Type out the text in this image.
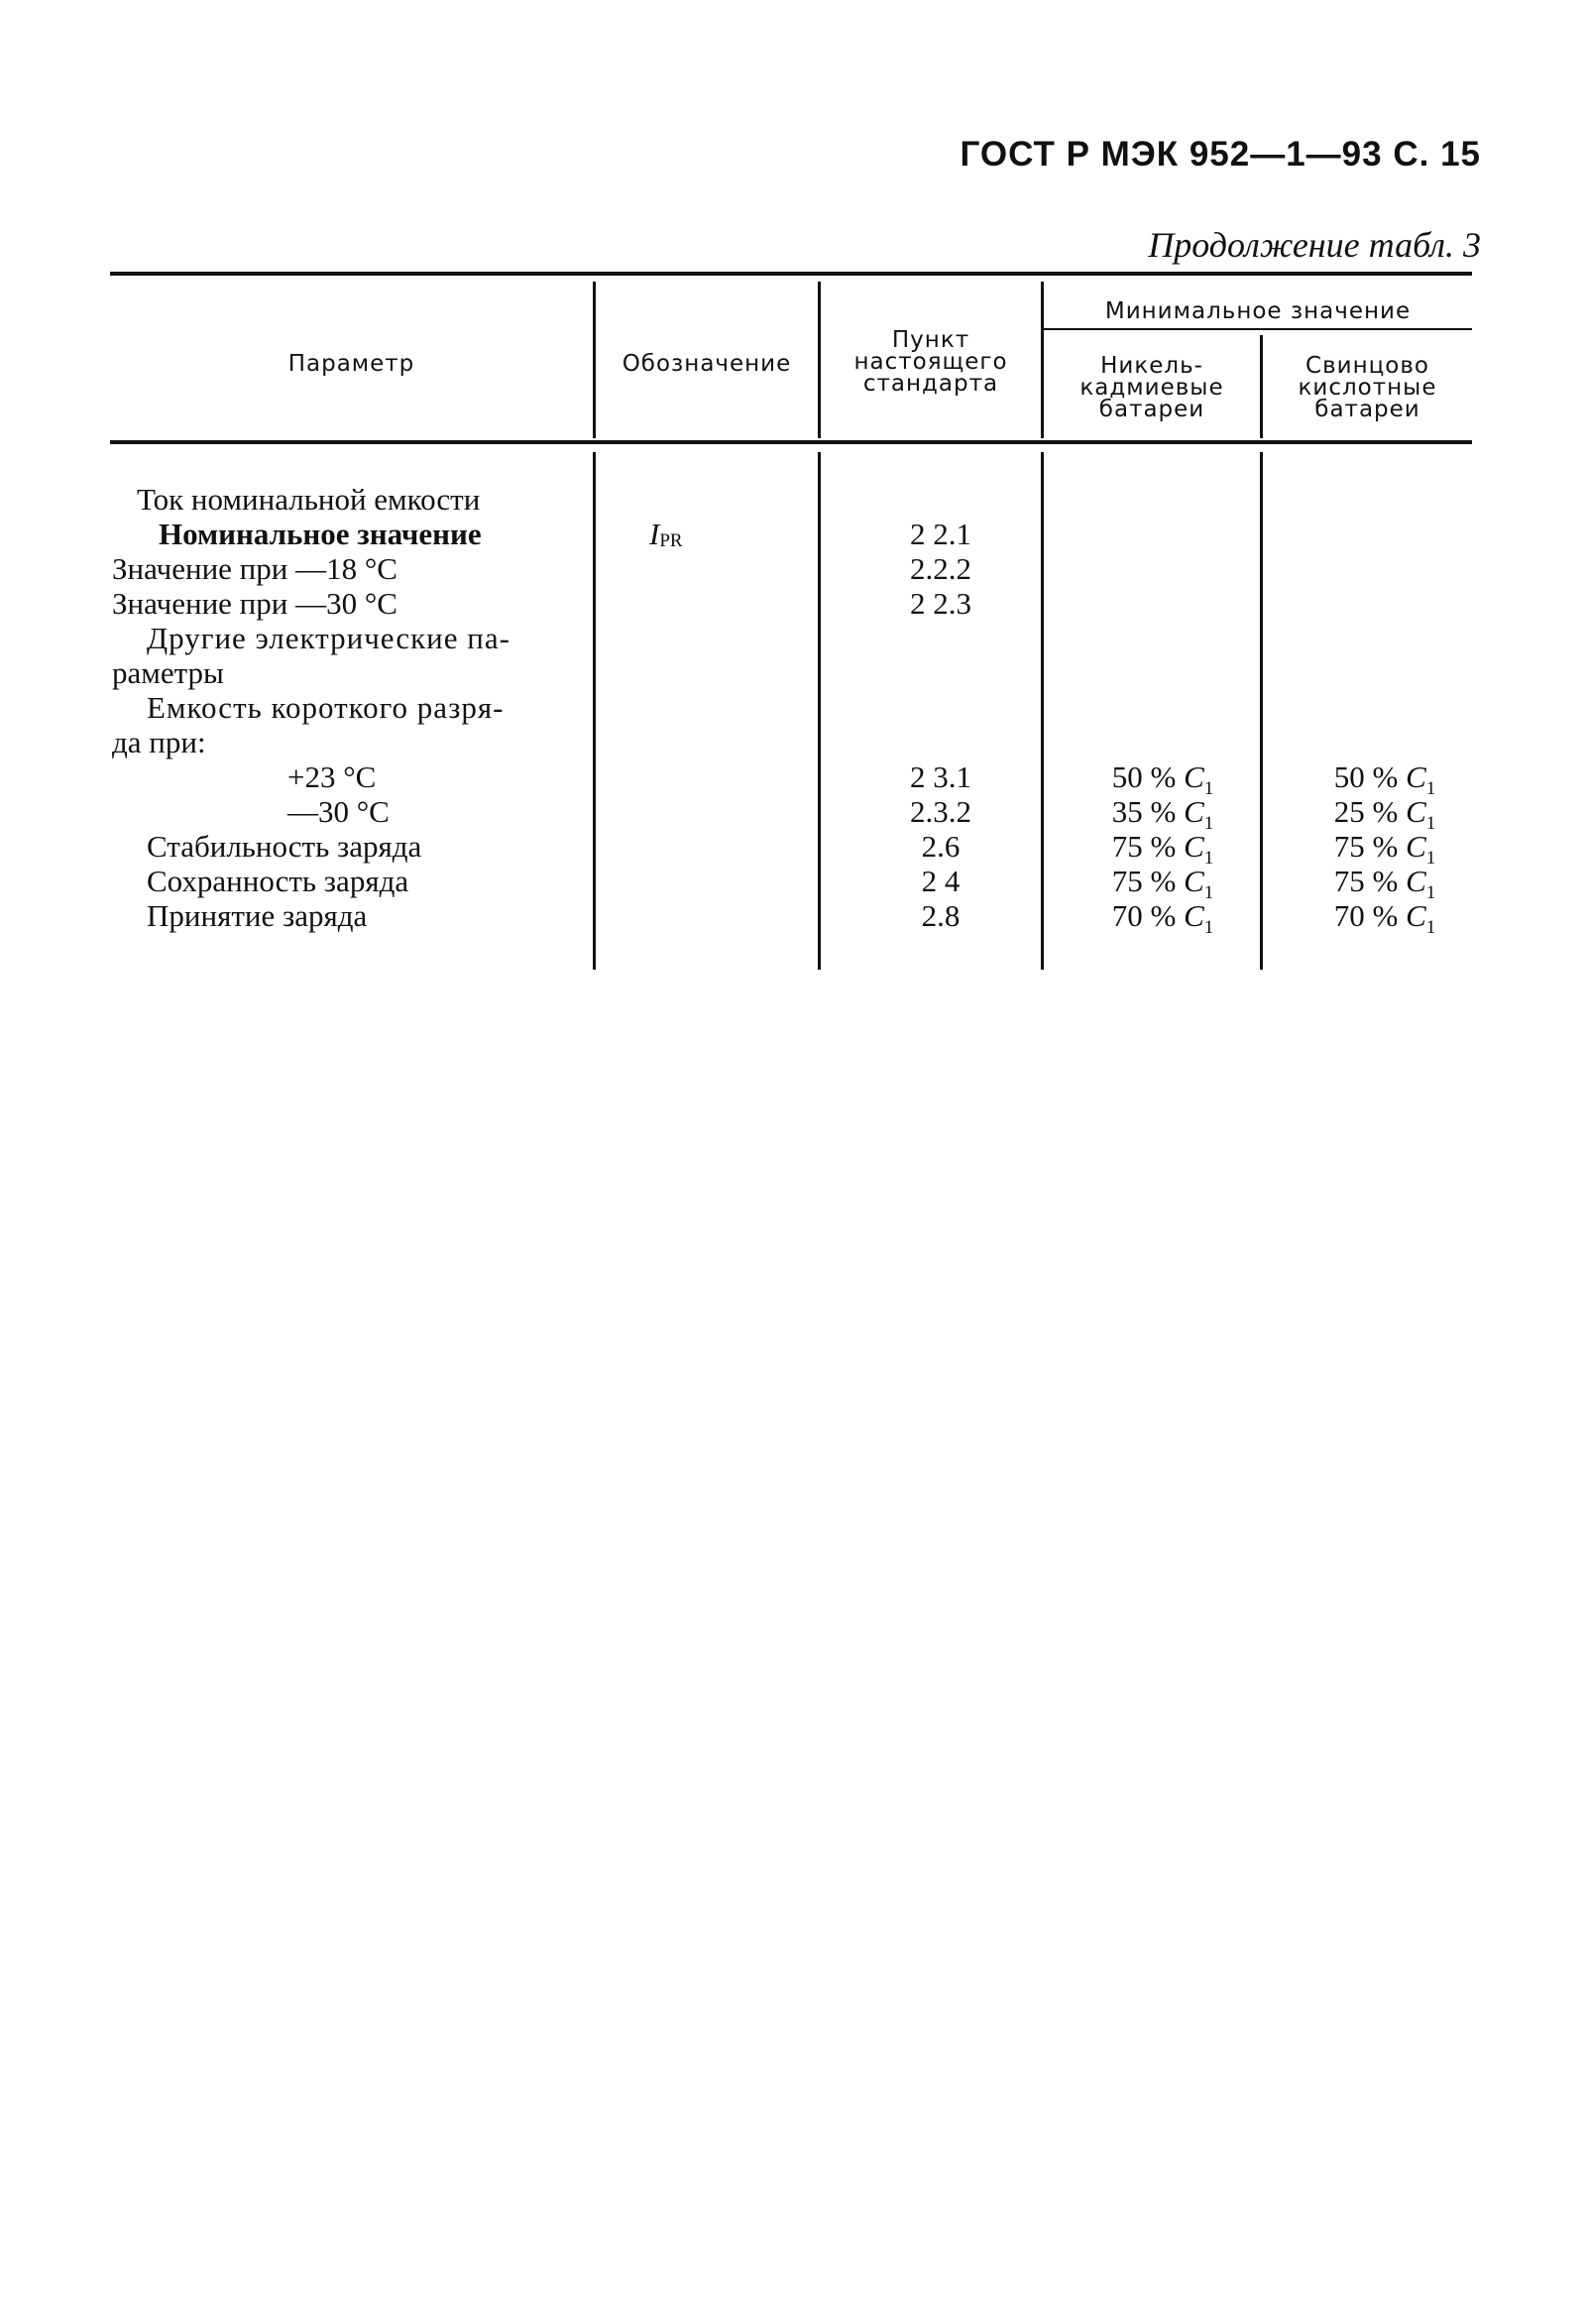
ГОСТ Р МЭК 952—1—93 С. 15
Продолжение табл. 3
Параметр	Обозначение
Пункт
настоящего
стандарта
Минимальное значение
Никель-
кадмиевые
батареи
Свинцово
кислотные
батареи
Ток номинальной емкости
Номинальное значение
Значение при —18 °С
Значение при —30 °С
Другие электрические па-
раметры
Емкость короткого разря-
да при:
+23 °С
—30 °С
Стабильность заряда
Сохранность заряда
Принятие заряда
$I_{PR}$	2 2.1
2.2.2
2 2.3
2 3.1
2.3.2
2.6
2 4
2.8
50 % $C_1$
35 % $C_1$
75 % $C_1$
75 % $C_1$
70 % $C_1$
50 % $C_1$
25 % $C_1$
75 % $C_1$
75 % $C_1$
70 % $C_1$
